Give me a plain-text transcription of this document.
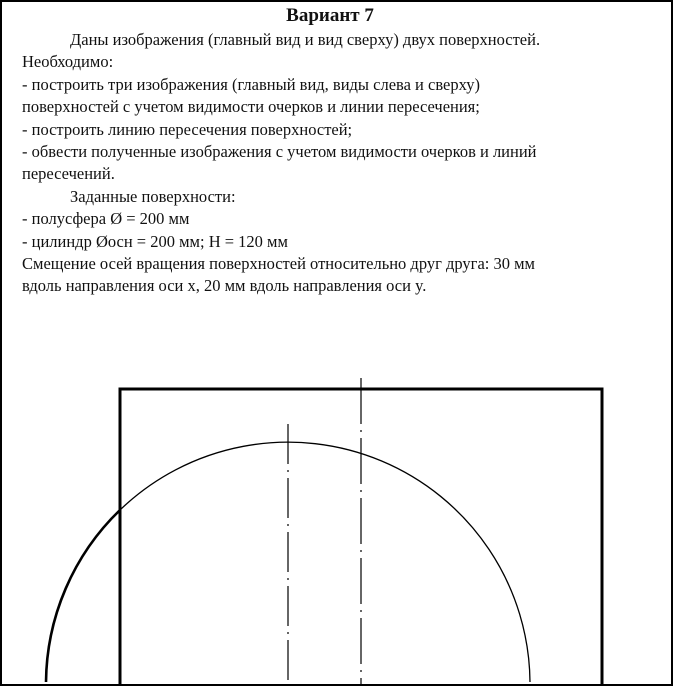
Вариант 7
Даны изображения (главный вид и вид сверху) двух поверхностей.
Необходимо:
- построить три изображения (главный вид, виды слева и сверху)
поверхностей с учетом видимости очерков и линии пересечения;
- построить линию пересечения поверхностей;
- обвести полученные изображения с учетом видимости очерков и линий
пересечений.
Заданные поверхности:
- полусфера Ø = 200 мм
- цилиндр Øосн = 200 мм; H = 120 мм
Смещение осей вращения поверхностей относительно друг друга: 30 мм
вдоль направления оси x, 20 мм вдоль направления оси y.
